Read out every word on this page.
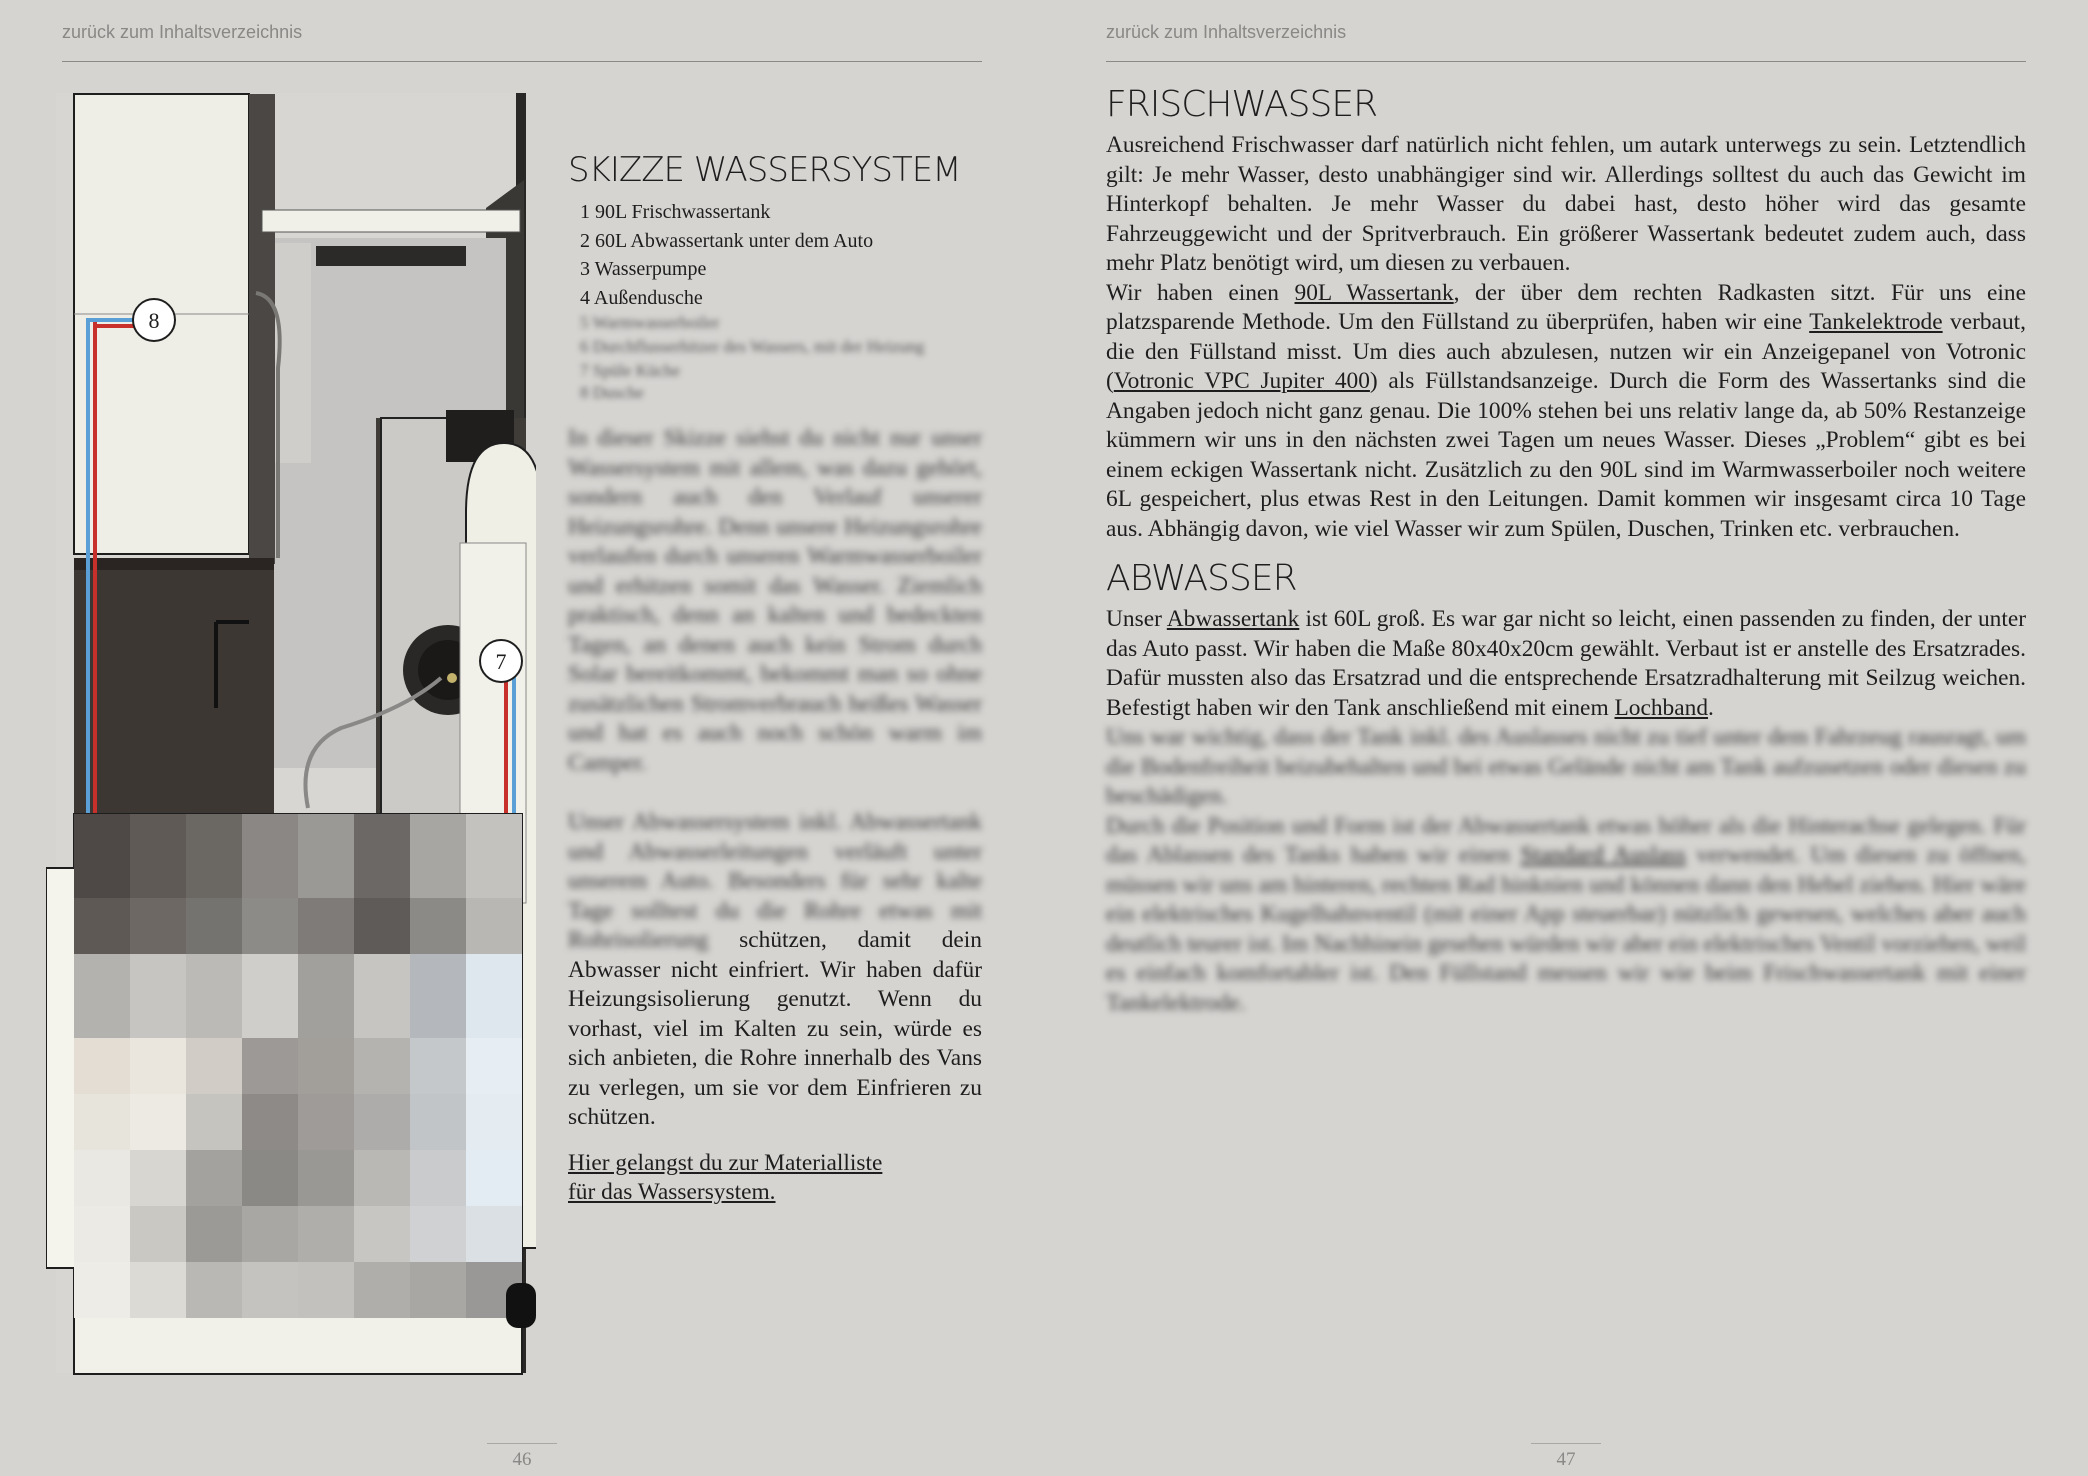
zurück zum Inhaltsverzeichnis
8
7
SKIZZE WASSERSYSTEM
1 90L Frischwassertank
2 60L Abwassertank unter dem Auto
3 Wasserpumpe
4 Außendusche
5 Warmwasserboiler
6 Durchflusserhitzer des Wassers, mit der Heizung
7 Spüle Küche
8 Dusche

In dieser Skizze siehst du nicht nur unser Wassersystem mit allem, was dazu gehört, sondern auch den Verlauf unserer Heizungsrohre. Denn unsere Heizungsrohre verlaufen durch unseren Warmwasserboiler und erhitzen somit das Wasser. Ziemlich praktisch, denn an kalten und bedeckten Tagen, an denen auch kein Strom durch Solar bereitkommt, bekommt man so ohne zusätzlichen Stromverbrauch heißes Wasser und hat es auch noch schön warm im Camper.

Unser Abwassersystem inkl. Abwassertank und Abwasserleitungen verläuft unter unserem Auto. Besonders für sehr kalte Tage solltest du die Rohre etwas mit Rohrisolierung schützen, damit dein Abwasser nicht einfriert. Wir haben dafür Heizungsisolierung genutzt. Wenn du vorhast, viel im Kalten zu sein, würde es sich anbieten, die Rohre innerhalb des Vans zu verlegen, um sie vor dem Einfrieren zu schützen.

Hier gelangst du zur Materialliste
für das Wassersystem.

46
zurück zum Inhaltsverzeichnis
FRISCHWASSER

Ausreichend Frischwasser darf natürlich nicht fehlen, um autark unterwegs zu sein. Letztendlich gilt: Je mehr Wasser, desto unabhängiger sind wir. Allerdings solltest du auch das Gewicht im Hinterkopf behalten. Je mehr Wasser du dabei hast, desto höher wird das gesamte Fahrzeuggewicht und der Spritverbrauch. Ein größerer Wassertank bedeutet zudem auch, dass mehr Platz benötigt wird, um diesen zu verbauen.

Wir haben einen 90L Wassertank, der über dem rechten Radkasten sitzt. Für uns eine platzsparende Methode. Um den Füllstand zu überprüfen, haben wir eine Tankelektrode verbaut, die den Füllstand misst. Um dies auch abzulesen, nutzen wir ein Anzeigepanel von Votronic (Votronic VPC Jupiter 400) als Füllstandsanzeige. Durch die Form des Wassertanks sind die Angaben jedoch nicht ganz genau. Die 100% stehen bei uns relativ lange da, ab 50% Restanzeige kümmern wir uns in den nächsten zwei Tagen um neues Wasser. Dieses „Problem“ gibt es bei einem eckigen Wassertank nicht. Zusätzlich zu den 90L sind im Warmwasserboiler noch weitere 6L gespeichert, plus etwas Rest in den Leitungen. Damit kommen wir insgesamt circa 10 Tage aus. Abhängig davon, wie viel Wasser wir zum Spülen, Duschen, Trinken etc. verbrauchen.

ABWASSER

Unser Abwassertank ist 60L groß. Es war gar nicht so leicht, einen passenden zu finden, der unter das Auto passt. Wir haben die Maße 80x40x20cm gewählt. Verbaut ist er anstelle des Ersatzrades. Dafür mussten also das Ersatzrad und die entsprechende Ersatzradhalterung mit Seilzug weichen. Befestigt haben wir den Tank anschließend mit einem Lochband.

Uns war wichtig, dass der Tank inkl. des Auslasses nicht zu tief unter dem Fahrzeug rausragt, um die Bodenfreiheit beizubehalten und bei etwas Gelände nicht am Tank aufzusetzen oder diesen zu beschädigen.

Durch die Position und Form ist der Abwassertank etwas höher als die Hinterachse gelegen. Für das Ablassen des Tanks haben wir einen Standard Auslass verwendet. Um diesen zu öffnen, müssen wir uns am hinteren, rechten Rad hinknien und können dann den Hebel ziehen. Hier wäre ein elektrisches Kugelhahnventil (mit einer App steuerbar) nützlich gewesen, welches aber auch deutlich teurer ist. Im Nachhinein gesehen würden wir aber ein elektrisches Ventil vorziehen, weil es einfach komfortabler ist. Den Füllstand messen wir wie beim Frischwassertank mit einer Tankelektrode.

47
